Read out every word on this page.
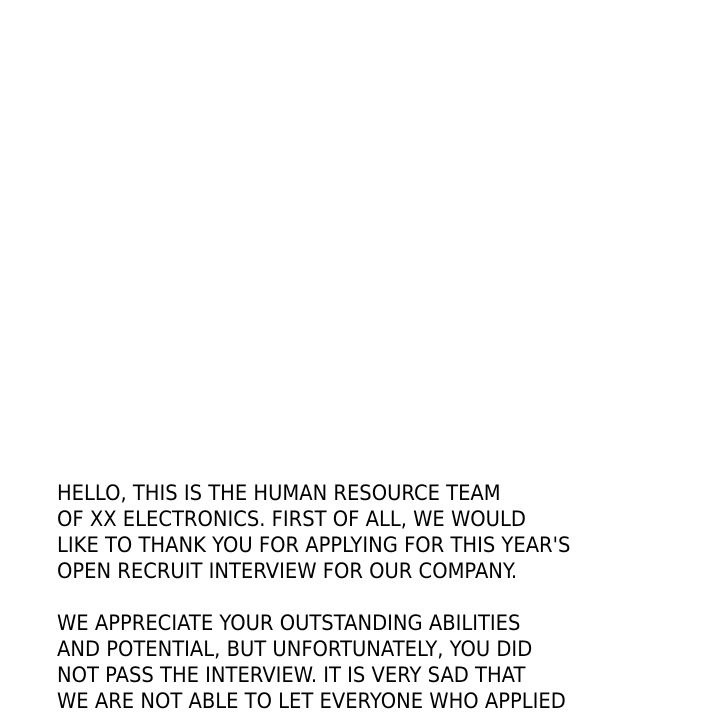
HELLO, THIS IS THE HUMAN RESOURCE TEAM
OF XX ELECTRONICS. FIRST OF ALL, WE WOULD
LIKE TO THANK YOU FOR APPLYING FOR THIS YEAR'S
OPEN RECRUIT INTERVIEW FOR OUR COMPANY.
WE APPRECIATE YOUR OUTSTANDING ABILITIES
AND POTENTIAL, BUT UNFORTUNATELY, YOU DID
NOT PASS THE INTERVIEW. IT IS VERY SAD THAT
WE ARE NOT ABLE TO LET EVERYONE WHO APPLIED
